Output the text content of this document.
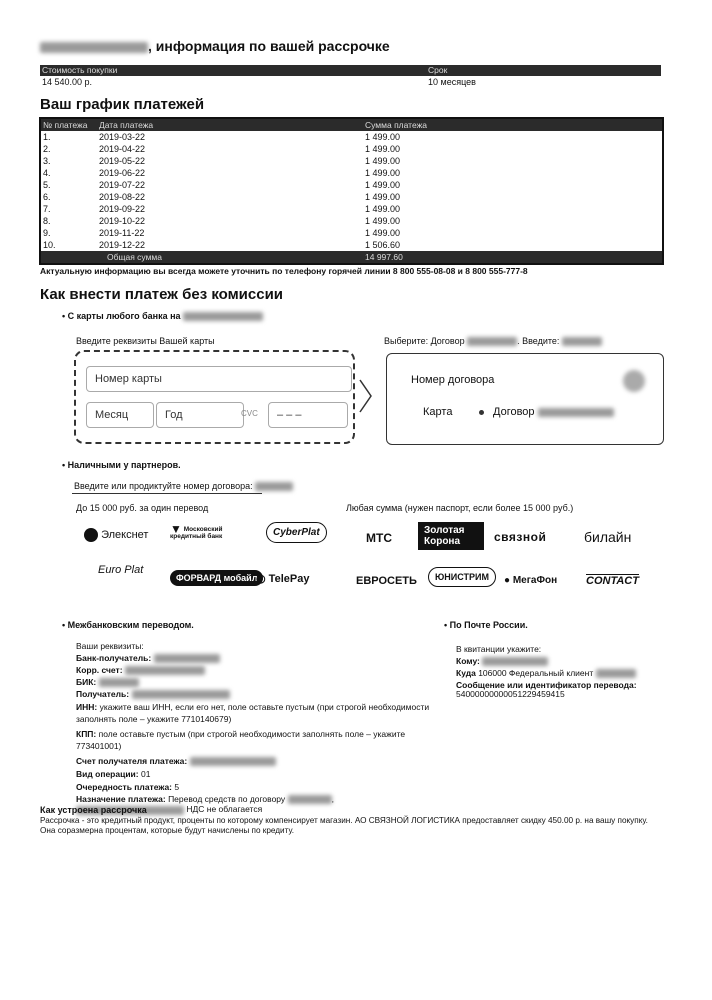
, информация по вашей рассрочке
Стоимость покупки	Срок
14 540.00 р.	10 месяцев
Ваш график платежей
№ платежа	Дата платежа	Сумма платежа
1.	2019-03-22	1 499.00
2.	2019-04-22	1 499.00
3.	2019-05-22	1 499.00
4.	2019-06-22	1 499.00
5.	2019-07-22	1 499.00
6.	2019-08-22	1 499.00
7.	2019-09-22	1 499.00
8.	2019-10-22	1 499.00
9.	2019-11-22	1 499.00
10.	2019-12-22	1 506.60
	Общая сумма	14 997.60
Актуальную информацию вы всегда можете уточнить по телефону горячей линии 8 800 555-08-08 и 8 800 555-777-8
Как внести платеж без комиссии
• С карты любого банка на
Введите реквизиты Вашей карты
Номер карты
Месяц	Год	CVC	– – –
Выберите: Договор	. Введите:
Номер договора
Карта	Договор
• Наличными у партнеров.
Введите или продиктуйте номер договора:
До 15 000 руб. за один перевод	Любая сумма (нужен паспорт, если более 15 000 руб.)
Элекснет ▼ Московский кредитный банк	CyberPlat
Euro Plat
ФОРВАРД мобайл
◎ TelePay
МТС
Золотая Корона	связной	билайн
ЕВРОСЕТЬ	ЮНИСТРИМ	● МегаФон	CONTACT
• Межбанковским переводом.
Ваши реквизиты:
Банк-получатель:
Корр. счет:
БИК:
Получатель:
ИНН: укажите ваш ИНН, если его нет, поле оставьте пустым (при строгой необходимости заполнять поле – укажите 7710140679)
КПП: поле оставьте пустым (при строгой необходимости заполнять поле – укажите 773401001)
Счет получателя платежа:
Вид операции: 01
Очередность платежа: 5
Назначение платежа: Перевод средств по договору	,
НДС не облагается
• По Почте России.
В квитанции укажите:
Кому:
Куда 106000 Федеральный клиент
Сообщение или идентификатор перевода:
54000000000051229459415
Как устроена рассрочка
Рассрочка - это кредитный продукт, проценты по которому компенсирует магазин. АО СВЯЗНОЙ ЛОГИСТИКА предоставляет скидку 450.00 р. на вашу покупку. Она соразмерна процентам, которые будут начислены по кредиту.
